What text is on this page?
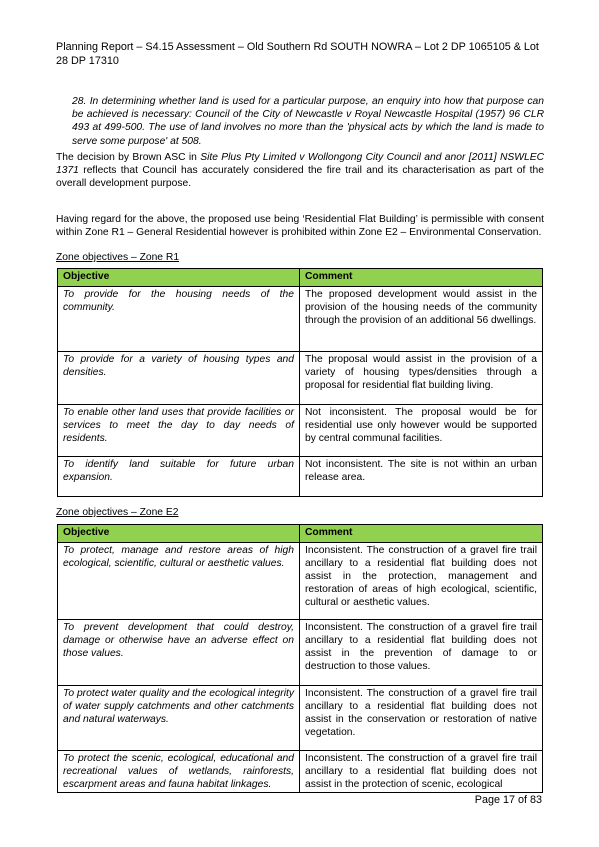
Planning Report – S4.15 Assessment – Old Southern Rd SOUTH NOWRA – Lot 2 DP 1065105 & Lot 28 DP 17310
28. In determining whether land is used for a particular purpose, an enquiry into how that purpose can be achieved is necessary: Council of the City of Newcastle v Royal Newcastle Hospital (1957) 96 CLR 493 at 499-500. The use of land involves no more than the 'physical acts by which the land is made to serve some purpose' at 508.
The decision by Brown ASC in Site Plus Pty Limited v Wollongong City Council and anor [2011] NSWLEC 1371 reflects that Council has accurately considered the fire trail and its characterisation as part of the overall development purpose.
Having regard for the above, the proposed use being ‘Residential Flat Building’ is permissible with consent within Zone R1 – General Residential however is prohibited within Zone E2 – Environmental Conservation.
Zone objectives – Zone R1
Objective	Comment
To provide for the housing needs of the community.	The proposed development would assist in the provision of the housing needs of the community through the provision of an additional 56 dwellings.
To provide for a variety of housing types and densities.	The proposal would assist in the provision of a variety of housing types/densities through a proposal for residential flat building living.
To enable other land uses that provide facilities or services to meet the day to day needs of residents.	Not inconsistent. The proposal would be for residential use only however would be supported by central communal facilities.
To identify land suitable for future urban expansion.	Not inconsistent. The site is not within an urban release area.
Zone objectives – Zone E2
Objective	Comment
To protect, manage and restore areas of high ecological, scientific, cultural or aesthetic values.	Inconsistent. The construction of a gravel fire trail ancillary to a residential flat building does not assist in the protection, management and restoration of areas of high ecological, scientific, cultural or aesthetic values.
To prevent development that could destroy, damage or otherwise have an adverse effect on those values.	Inconsistent. The construction of a gravel fire trail ancillary to a residential flat building does not assist in the prevention of damage to or destruction to those values.
To protect water quality and the ecological integrity of water supply catchments and other catchments and natural waterways.	Inconsistent. The construction of a gravel fire trail ancillary to a residential flat building does not assist in the conservation or restoration of native vegetation.
To protect the scenic, ecological, educational and recreational values of wetlands, rainforests, escarpment areas and fauna habitat linkages.	Inconsistent. The construction of a gravel fire trail ancillary to a residential flat building does not assist in the protection of scenic, ecological
Page 17 of 83
